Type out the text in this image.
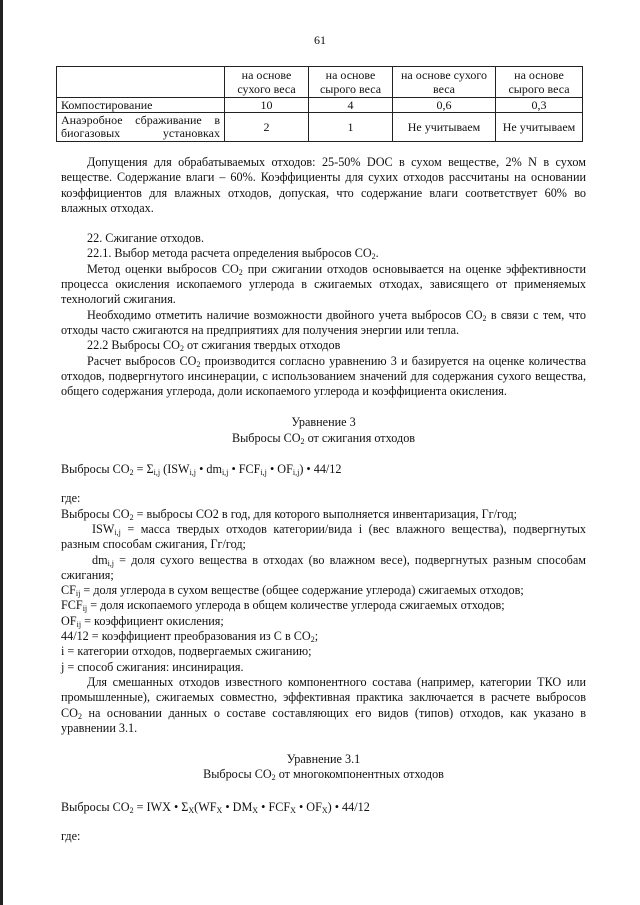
61
	на основе сухого веса	на основе сырого веса	на основе сухого веса	на основе сырого веса
Компостирование	10	4	0,6	0,3
Анаэробное сбраживание в биогазовых установках	2	1	Не учитываем	Не учитываем

Допущения для обрабатываемых отходов: 25-50% DOC в сухом веществе, 2% N в сухом веществе. Содержание влаги – 60%. Коэффициенты для сухих отходов рассчитаны на основании коэффициентов для влажных отходов, допуская, что содержание влаги соответствует 60% во влажных отходах.

22. Сжигание отходов.

22.1. Выбор метода расчета определения выбросов $CO_2$.

Метод оценки выбросов $CO_2$ при сжигании отходов основывается на оценке эффективности процесса окисления ископаемого углерода в сжигаемых отходах, зависящего от применяемых технологий сжигания.

Необходимо отметить наличие возможности двойного учета выбросов $CO_2$ в связи с тем, что отходы часто сжигаются на предприятиях для получения энергии или тепла.

22.2 Выбросы $CO_2$ от сжигания твердых отходов

Расчет выбросов $CO_2$ производится согласно уравнению 3 и базируется на оценке количества отходов, подвергнутого инсинерации, с использованием значений для содержания сухого вещества, общего содержания углерода, доли ископаемого углерода и коэффициента окисления.

Уравнение 3

Выбросы $CO_2$ от сжигания отходов

Выбросы $CO_2 = \Sigma_{i,j}$ ($ISW_{i,j}$ • $dm_{i,j}$ • $FCF_{i,j}$ • $OF_{i,j}$) • 44/12

где:

Выбросы $CO_2$ = выбросы CO2 в год, для которого выполняется инвентаризация, Гг/год;

$ISW_{i,j}$ = масса твердых отходов категории/вида i (вес влажного вещества), подвергнутых разным способам сжигания, Гг/год;

$dm_{i,j}$ = доля сухого вещества в отходах (во влажном весе), подвергнутых разным способам сжигания;

$CF_{ij}$ = доля углерода в сухом веществе (общее содержание углерода) сжигаемых отходов;

$FCF_{ij}$ = доля ископаемого углерода в общем количестве углерода сжигаемых отходов;

$OF_{ij}$ = коэффициент окисления;

44/12 = коэффициент преобразования из С в $CO_2$;

i = категории отходов, подвергаемых сжиганию;

j = способ сжигания: инсинирация.

Для смешанных отходов известного компонентного состава (например, категории ТКО или промышленные), сжигаемых совместно, эффективная практика заключается в расчете выбросов $CO_2$ на основании данных о составе составляющих его видов (типов) отходов, как указано в уравнении 3.1.

Уравнение 3.1

Выбросы $CO_2$ от многокомпонентных отходов

Выбросы $CO_2$ = IWX • $\Sigma_X(WF_X$ • $DM_X$ • $FCF_X$ • $OF_X$) • 44/12

где:
